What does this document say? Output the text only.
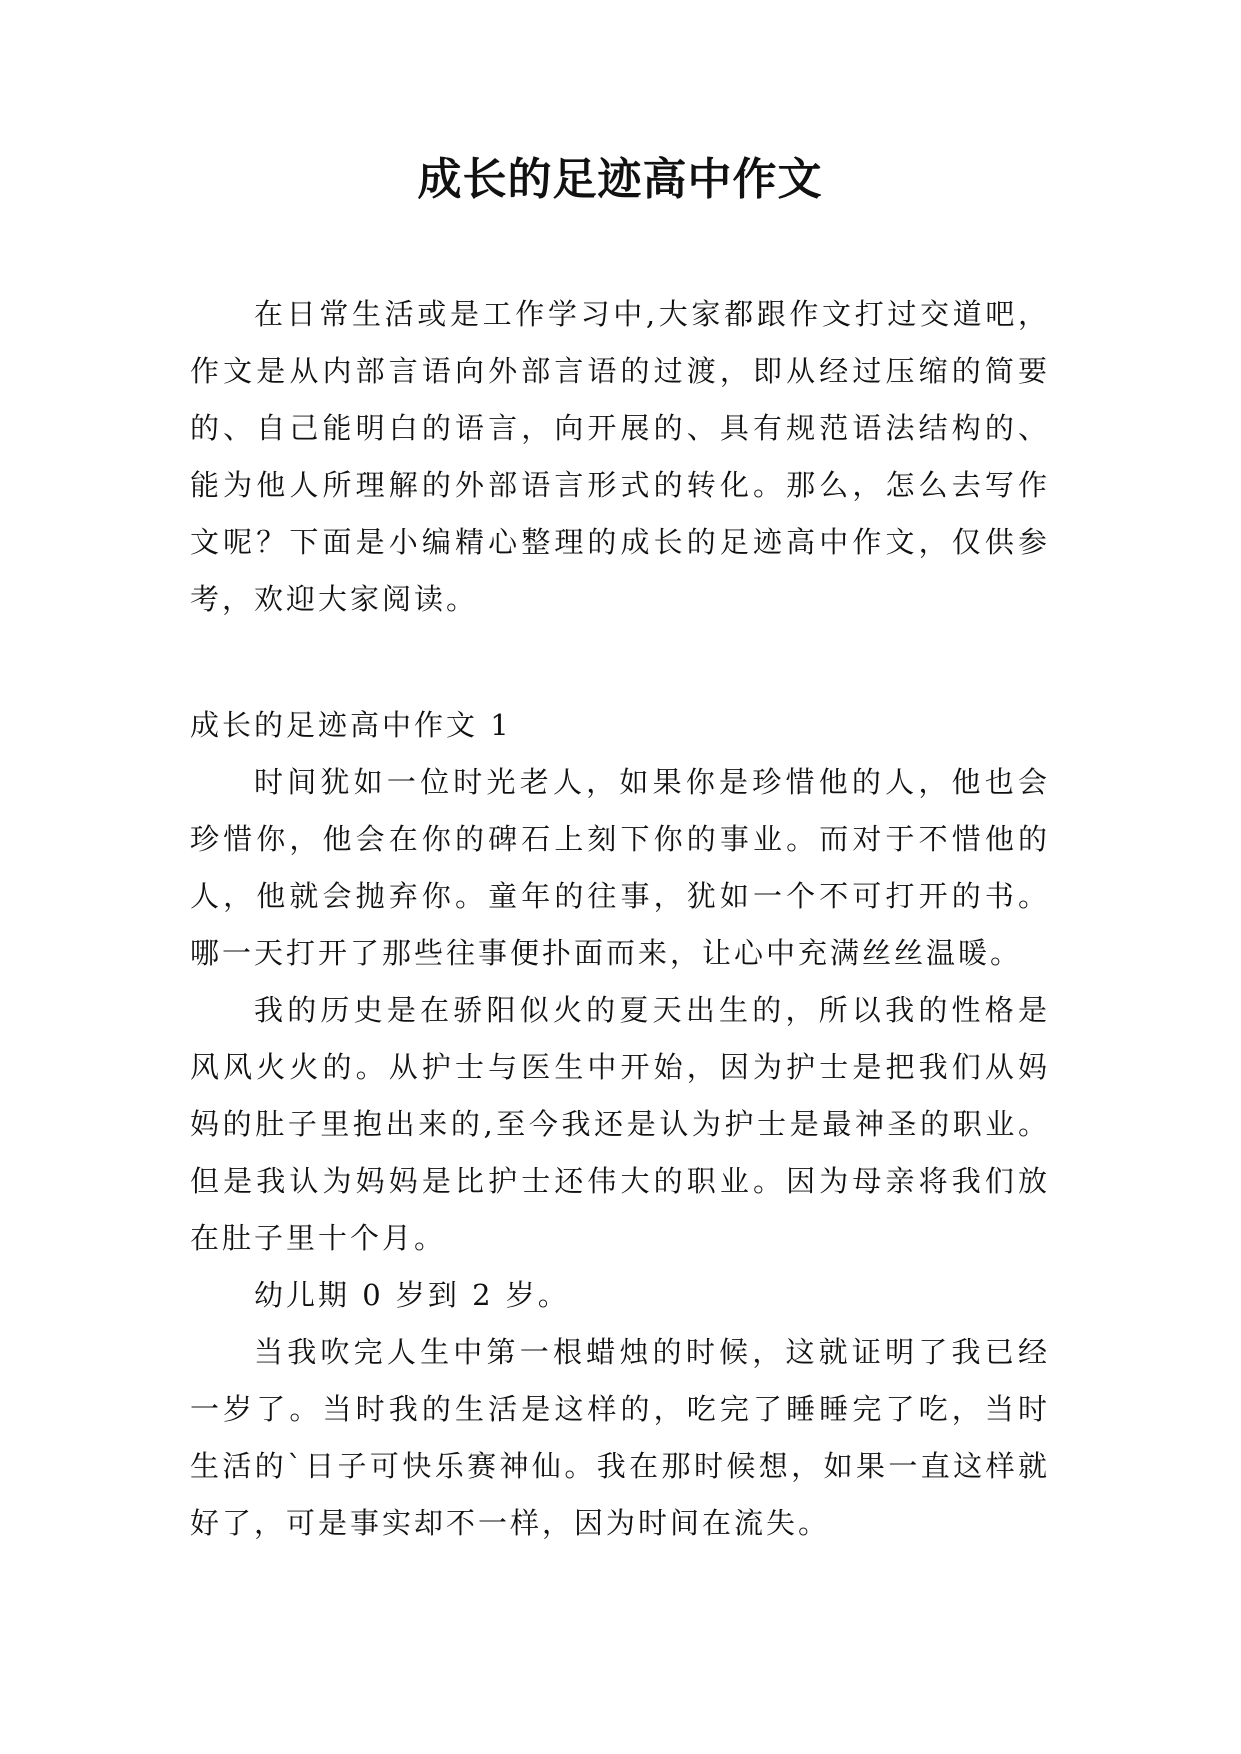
成长的足迹高中作文

在日常生活或是工作学习中,大家都跟作文打过交道吧，作文是从内部言语向外部言语的过渡，即从经过压缩的简要的、自己能明白的语言，向开展的、具有规范语法结构的、能为他人所理解的外部语言形式的转化。那么，怎么去写作文呢？下面是小编精心整理的成长的足迹高中作文，仅供参考，欢迎大家阅读。

成长的足迹高中作文 1

时间犹如一位时光老人，如果你是珍惜他的人，他也会珍惜你，他会在你的碑石上刻下你的事业。而对于不惜他的人，他就会抛弃你。童年的往事，犹如一个不可打开的书。哪一天打开了那些往事便扑面而来，让心中充满丝丝温暖。

我的历史是在骄阳似火的夏天出生的，所以我的性格是风风火火的。从护士与医生中开始，因为护士是把我们从妈妈的肚子里抱出来的,至今我还是认为护士是最神圣的职业。但是我认为妈妈是比护士还伟大的职业。因为母亲将我们放在肚子里十个月。

幼儿期 0 岁到 2 岁。

当我吹完人生中第一根蜡烛的时候，这就证明了我已经一岁了。当时我的生活是这样的，吃完了睡睡完了吃，当时生活的`日子可快乐赛神仙。我在那时候想，如果一直这样就好了，可是事实却不一样，因为时间在流失。
